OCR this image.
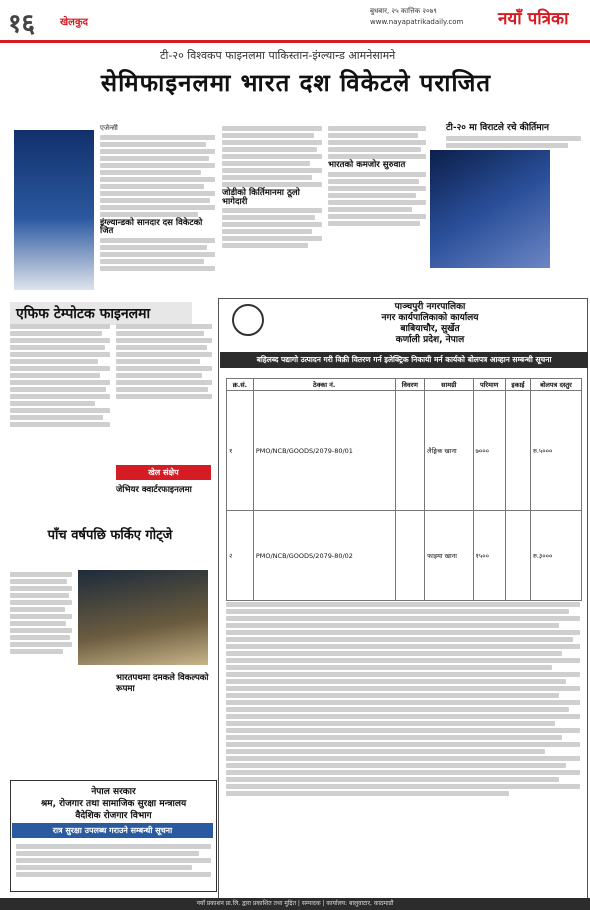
१६ खेलकुद
बुधबार, २५ कात्तिक २०७९
www.nayapatrikadaily.com	नयाँ पत्रिका
टी-२० विश्वकप फाइनलमा पाकिस्तान-इंग्ल्यान्ड आमनेसामने
सेमिफाइनलमा भारत दश विकेटले पराजित
एजेन्सी
इंग्ल्यान्डको सानदार दस विकेटको जित
जोडीको किर्तिमानमा ठूलो भागेदारी
भारतको कमजोर सुरुवात
टी-२० मा विराटले रचे कीर्तिमान
एफिफ टेम्पोटक फाइनलमा
खेल संक्षेप
जेभियर क्वार्टरफाइनलमा
पाँच वर्षपछि फर्किए गोट्जे
भारतपथमा दमकले विकल्पको रूपमा
पाञ्चपुरी नगरपालिका
नगर कार्यपालिकाको कार्यालय
बाबियाचौर, सुर्खेत
कर्णाली प्रदेश, नेपाल
बहिलब्द पद्यागो उत्पादन गरी विक्री वितरण गर्न इलेक्ट्रिक निकायी मर्न कार्यको बोलपत्र आव्हान सम्बन्धी सूचना
क्र.सं.	ठेक्का नं.	विवरण	सामग्री	परिमाण	इकाई	बोलपत्र दस्तुर
१	PMO/NCB/GOODS/2079-80/01		लैङ्गिक खाना	७०००		रु.५०००
२	PMO/NCB/GOODS/2079-80/02		फाइमा खाना	१५००		रु.३०००
नेपाल सरकार
श्रम, रोजगार तथा सामाजिक सुरक्षा मन्त्रालय
वैदेशिक रोजगार विभाग
रात्र सुरक्षा उपलब्ध गराउने सम्बन्धी सूचना
नयाँ प्रकाशन प्रा.लि. द्वारा प्रकाशित तथा मुद्रित | सम्पादक | कार्यालय: बालुवाटार, काठमाडौं
